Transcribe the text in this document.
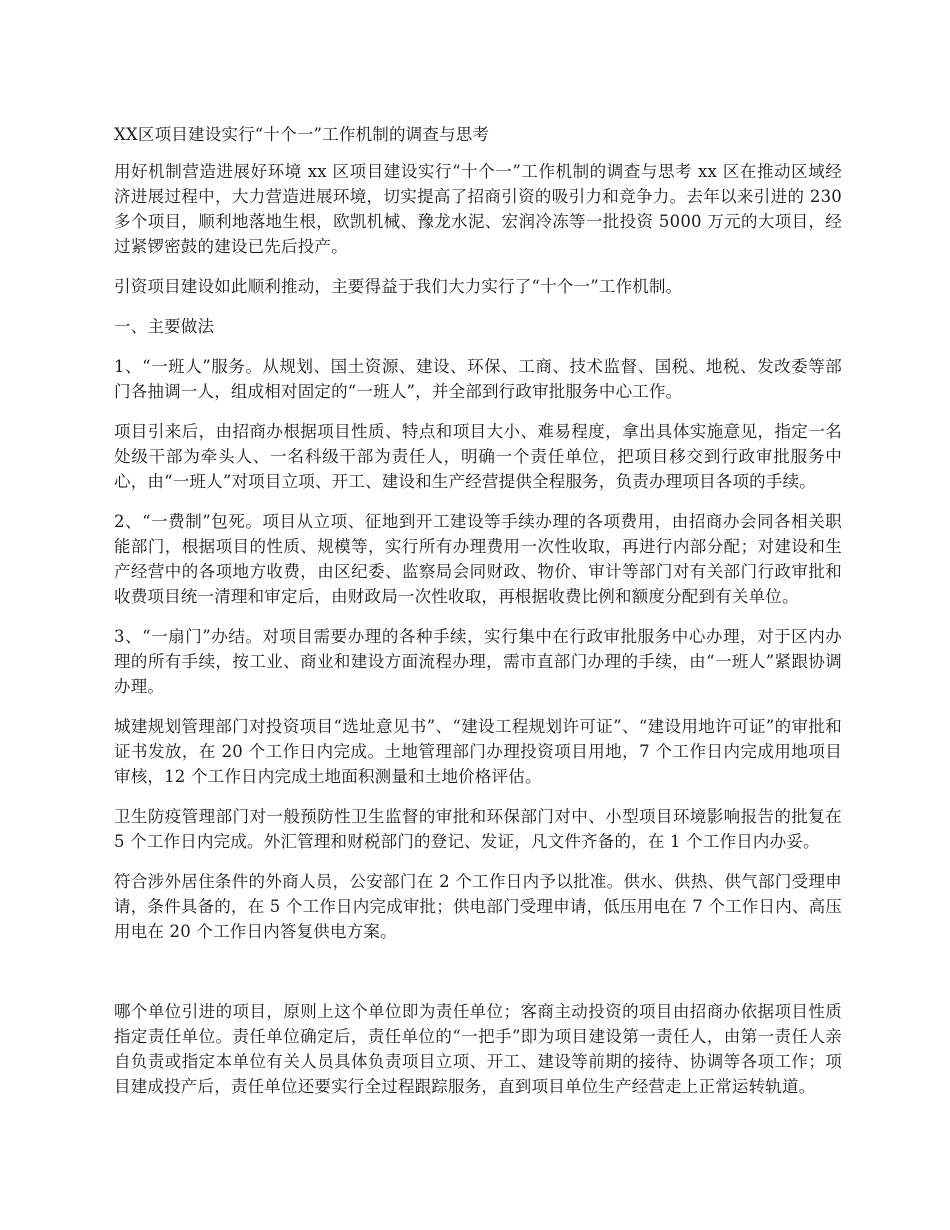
XX区项目建设实行“十个一”工作机制的调查与思考

用好机制营造进展好环境 xx 区项目建设实行“十个一”工作机制的调查与思考 xx 区在推动区域经济进展过程中，大力营造进展环境，切实提高了招商引资的吸引力和竞争力。去年以来引进的 230 多个项目，顺利地落地生根，欧凯机械、豫龙水泥、宏润冷冻等一批投资 5000 万元的大项目，经过紧锣密鼓的建设已先后投产。

引资项目建设如此顺利推动，主要得益于我们大力实行了“十个一”工作机制。

一、主要做法

1、“一班人”服务。从规划、国土资源、建设、环保、工商、技术监督、国税、地税、发改委等部门各抽调一人，组成相对固定的“一班人”，并全部到行政审批服务中心工作。

项目引来后，由招商办根据项目性质、特点和项目大小、难易程度，拿出具体实施意见，指定一名处级干部为牵头人、一名科级干部为责任人，明确一个责任单位，把项目移交到行政审批服务中心，由“一班人”对项目立项、开工、建设和生产经营提供全程服务，负责办理项目各项的手续。

2、“一费制”包死。项目从立项、征地到开工建设等手续办理的各项费用，由招商办会同各相关职能部门，根据项目的性质、规模等，实行所有办理费用一次性收取，再进行内部分配；对建设和生产经营中的各项地方收费，由区纪委、监察局会同财政、物价、审计等部门对有关部门行政审批和收费项目统一清理和审定后，由财政局一次性收取，再根据收费比例和额度分配到有关单位。

3、“一扇门”办结。对项目需要办理的各种手续，实行集中在行政审批服务中心办理，对于区内办理的所有手续，按工业、商业和建设方面流程办理，需市直部门办理的手续，由“一班人”紧跟协调办理。

城建规划管理部门对投资项目“选址意见书”、“建设工程规划许可证”、“建设用地许可证”的审批和证书发放，在 20 个工作日内完成。土地管理部门办理投资项目用地，7 个工作日内完成用地项目审核，12 个工作日内完成土地面积测量和土地价格评估。

卫生防疫管理部门对一般预防性卫生监督的审批和环保部门对中、小型项目环境影响报告的批复在 5 个工作日内完成。外汇管理和财税部门的登记、发证，凡文件齐备的，在 1 个工作日内办妥。

符合涉外居住条件的外商人员，公安部门在 2 个工作日内予以批准。供水、供热、供气部门受理申请，条件具备的，在 5 个工作日内完成审批；供电部门受理申请，低压用电在 7 个工作日内、高压用电在 20 个工作日内答复供电方案。

哪个单位引进的项目，原则上这个单位即为责任单位；客商主动投资的项目由招商办依据项目性质指定责任单位。责任单位确定后，责任单位的“一把手”即为项目建设第一责任人，由第一责任人亲自负责或指定本单位有关人员具体负责项目立项、开工、建设等前期的接待、协调等各项工作；项目建成投产后，责任单位还要实行全过程跟踪服务，直到项目单位生产经营走上正常运转轨道。
